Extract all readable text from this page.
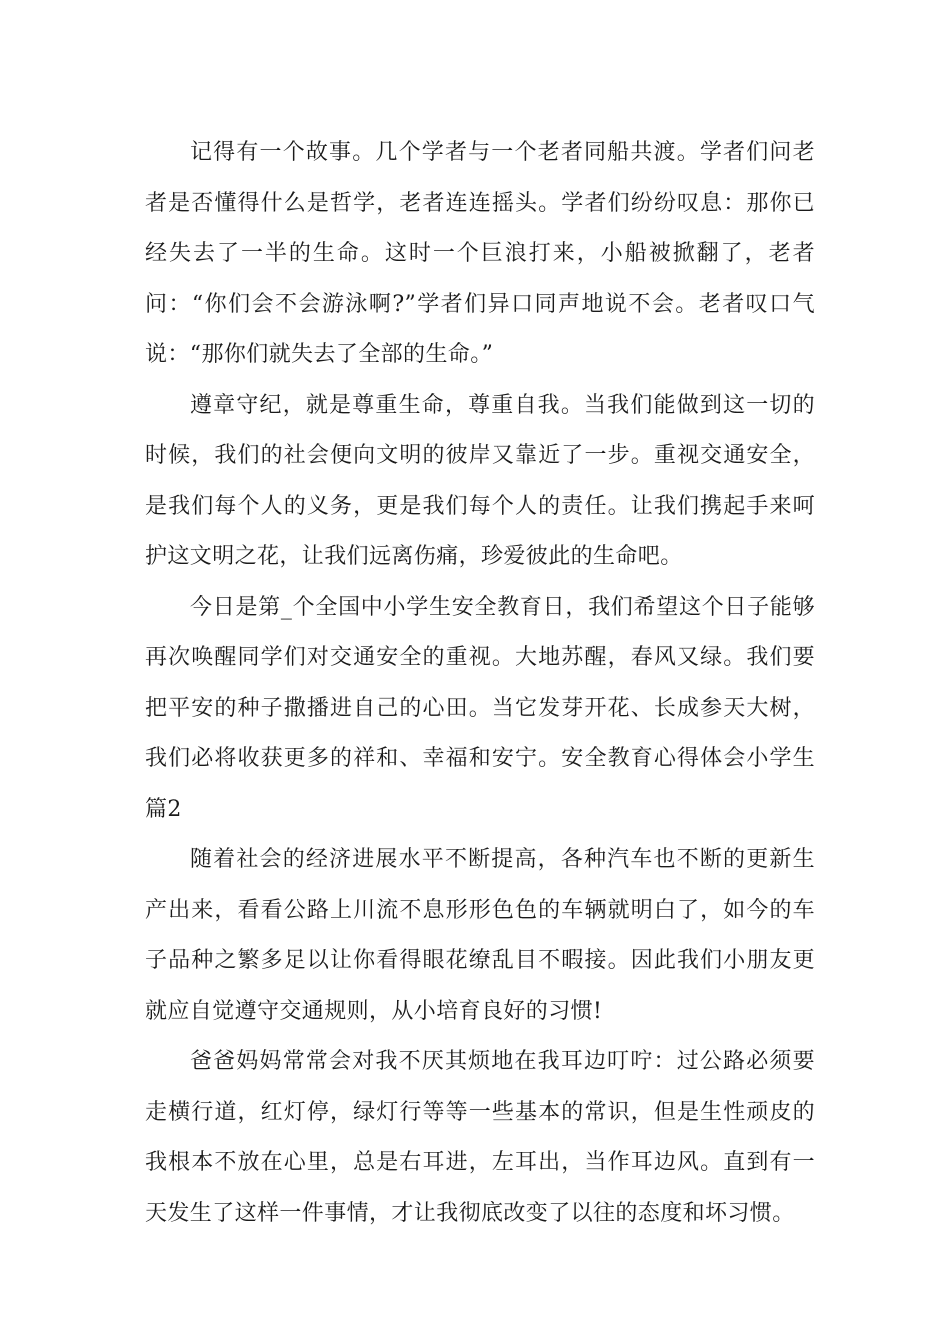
记得有一个故事。几个学者与一个老者同船共渡。学者们问老者是否懂得什么是哲学，老者连连摇头。学者们纷纷叹息：那你已经失去了一半的生命。这时一个巨浪打来，小船被掀翻了，老者问：“你们会不会游泳啊?”学者们异口同声地说不会。老者叹口气说：“那你们就失去了全部的生命。”

遵章守纪，就是尊重生命，尊重自我。当我们能做到这一切的时候，我们的社会便向文明的彼岸又靠近了一步。重视交通安全，是我们每个人的义务，更是我们每个人的责任。让我们携起手来呵护这文明之花，让我们远离伤痛，珍爱彼此的生命吧。

今日是第_个全国中小学生安全教育日，我们希望这个日子能够再次唤醒同学们对交通安全的重视。大地苏醒，春风又绿。我们要把平安的种子撒播进自己的心田。当它发芽开花、长成参天大树，我们必将收获更多的祥和、幸福和安宁。安全教育心得体会小学生篇2

随着社会的经济进展水平不断提高，各种汽车也不断的更新生产出来，看看公路上川流不息形形色色的车辆就明白了，如今的车子品种之繁多足以让你看得眼花缭乱目不暇接。因此我们小朋友更就应自觉遵守交通规则，从小培育良好的习惯!

爸爸妈妈常常会对我不厌其烦地在我耳边叮咛：过公路必须要走横行道，红灯停，绿灯行等等一些基本的常识，但是生性顽皮的我根本不放在心里，总是右耳进，左耳出，当作耳边风。直到有一天发生了这样一件事情，才让我彻底改变了以往的态度和坏习惯。
